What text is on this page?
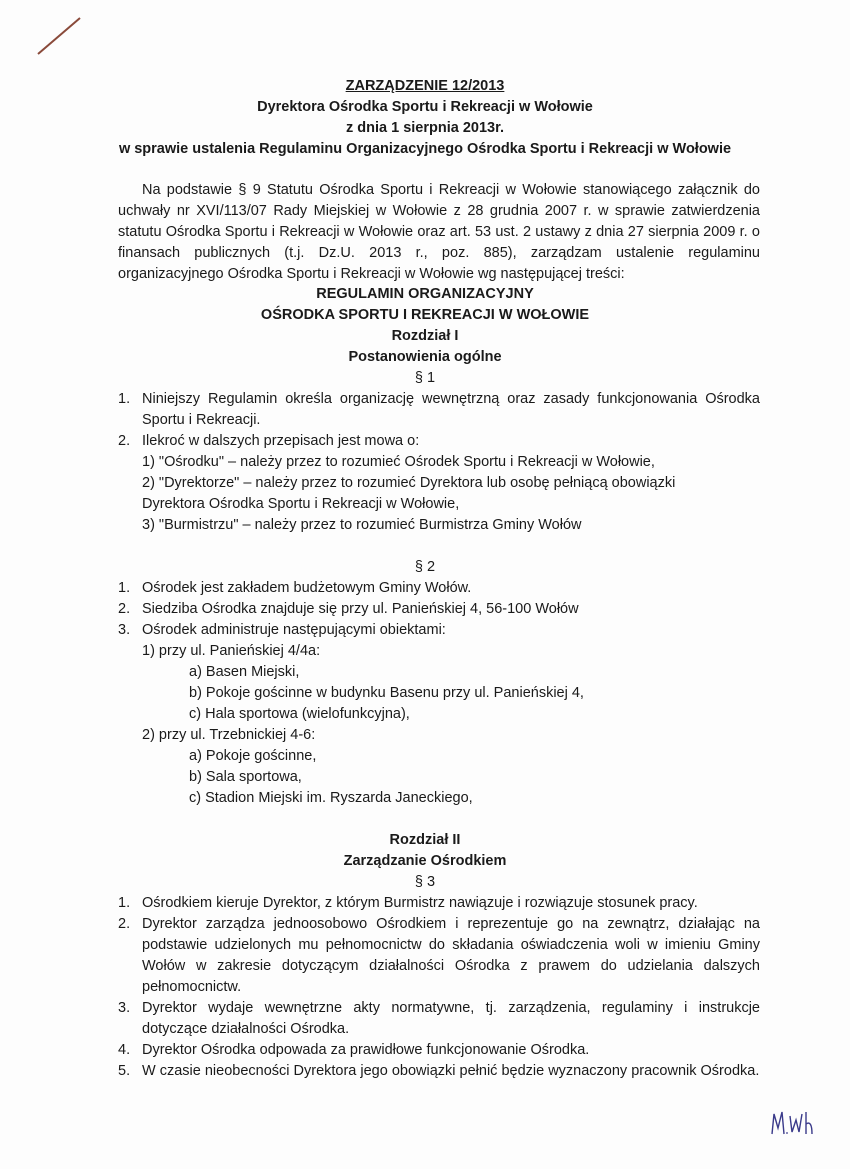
ZARZĄDZENIE 12/2013
Dyrektora Ośrodka Sportu i Rekreacji w Wołowie
z dnia 1 sierpnia 2013r.
w sprawie ustalenia Regulaminu Organizacyjnego Ośrodka Sportu i Rekreacji w Wołowie
Na podstawie § 9 Statutu Ośrodka Sportu i Rekreacji w Wołowie stanowiącego załącznik do uchwały nr XVI/113/07 Rady Miejskiej w Wołowie z 28 grudnia 2007 r. w sprawie zatwierdzenia statutu Ośrodka Sportu i Rekreacji w Wołowie oraz art. 53 ust. 2 ustawy z dnia 27 sierpnia 2009 r. o finansach publicznych (t.j. Dz.U. 2013 r., poz. 885), zarządzam ustalenie regulaminu organizacyjnego Ośrodka Sportu i Rekreacji w Wołowie wg następującej treści:
REGULAMIN ORGANIZACYJNY
OŚRODKA SPORTU I REKREACJI W WOŁOWIE
Rozdział I
Postanowienia ogólne
§ 1
1. Niniejszy Regulamin określa organizację wewnętrzną oraz zasady funkcjonowania Ośrodka Sportu i Rekreacji.
2. Ilekroć w dalszych przepisach jest mowa o:
1) "Ośrodku" – należy przez to rozumieć Ośrodek Sportu i Rekreacji w Wołowie,
2) "Dyrektorze" – należy przez to rozumieć Dyrektora lub osobę pełniącą obowiązki
Dyrektora Ośrodka Sportu i Rekreacji w Wołowie,
3) "Burmistrzu" – należy przez to rozumieć Burmistrza Gminy Wołów
§ 2
1. Ośrodek jest zakładem budżetowym Gminy Wołów.
2. Siedziba Ośrodka znajduje się przy ul. Panieńskiej 4, 56-100 Wołów
3. Ośrodek administruje następującymi obiektami:
1) przy ul. Panieńskiej 4/4a:
a) Basen Miejski,
b) Pokoje gościnne w budynku Basenu przy ul. Panieńskiej 4,
c) Hala sportowa (wielofunkcyjna),
2) przy ul. Trzebnickiej 4-6:
a) Pokoje gościnne,
b) Sala sportowa,
c) Stadion Miejski im. Ryszarda Janeckiego,
Rozdział II
Zarządzanie Ośrodkiem
§ 3
1. Ośrodkiem kieruje Dyrektor, z którym Burmistrz nawiązuje i rozwiązuje stosunek pracy.
2. Dyrektor zarządza jednoosobowo Ośrodkiem i reprezentuje go na zewnątrz, działając na podstawie udzielonych mu pełnomocnictw do składania oświadczenia woli w imieniu Gminy Wołów w zakresie dotyczącym działalności Ośrodka z prawem do udzielania dalszych pełnomocnictw.
3. Dyrektor wydaje wewnętrzne akty normatywne, tj. zarządzenia, regulaminy i instrukcje dotyczące działalności Ośrodka.
4. Dyrektor Ośrodka odpowada za prawidłowe funkcjonowanie Ośrodka.
5. W czasie nieobecności Dyrektora jego obowiązki pełnić będzie wyznaczony pracownik Ośrodka.
